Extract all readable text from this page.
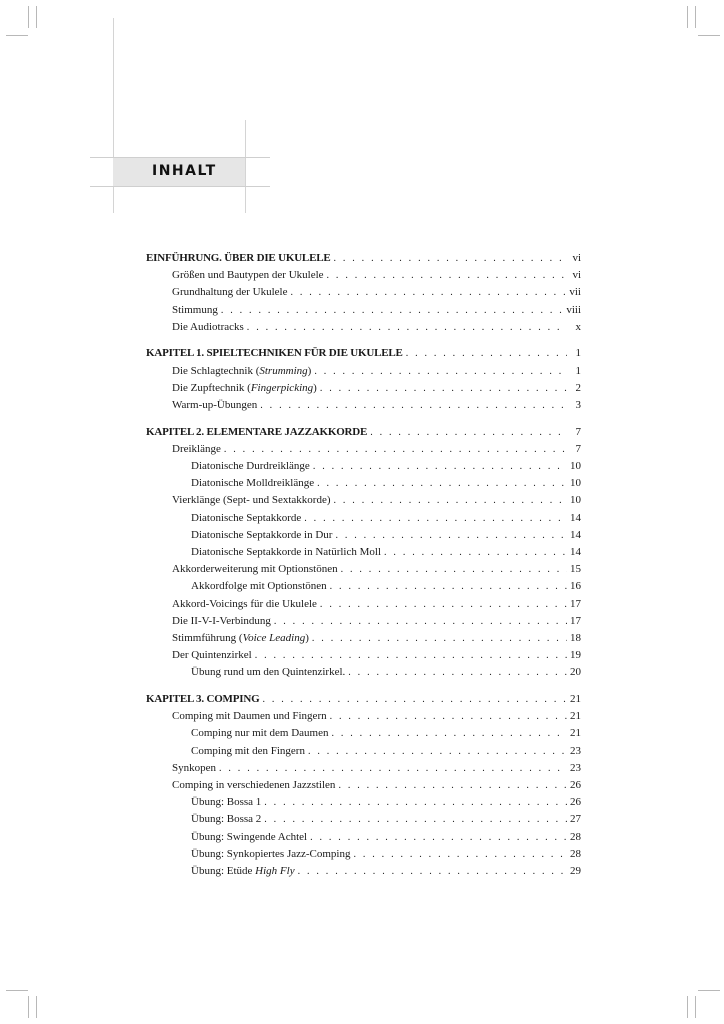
INHALT
EINFÜHRUNG. ÜBER DIE UKULELE . . .	vi
Größen und Bautypen der Ukulele . . .	vi
Grundhaltung der Ukulele . . .	vii
Stimmung . . .	viii
Die Audiotracks . . .	x
KAPITEL 1. SPIELTECHNIKEN FÜR DIE UKULELE . . .	1
Die Schlagtechnik (Strumming) . . .	1
Die Zupftechnik (Fingerpicking) . . .	2
Warm-up-Übungen . . .	3
KAPITEL 2. ELEMENTARE JAZZAKKORDE . . .	7
Dreiklänge . . .	7
Diatonische Durdreiklänge . . .	10
Diatonische Molldreiklänge . . .	10
Vierklänge (Sept- und Sextakkorde) . . .	10
Diatonische Septakkorde . . .	14
Diatonische Septakkorde in Dur . . .	14
Diatonische Septakkorde in Natürlich Moll . . .	14
Akkorderweiterung mit Optionstönen . . .	15
Akkordfolge mit Optionstönen . . .	16
Akkord-Voicings für die Ukulele . . .	17
Die II-V-I-Verbindung . . .	17
Stimmführung (Voice Leading) . . .	18
Der Quintenzirkel . . .	19
Übung rund um den Quintenzirkel. . . .	20
KAPITEL 3. COMPING . . .	21
Comping mit Daumen und Fingern . . .	21
Comping nur mit dem Daumen . . .	21
Comping mit den Fingern . . .	23
Synkopen . . .	23
Comping in verschiedenen Jazzstilen . . .	26
Übung: Bossa 1 . . .	26
Übung: Bossa 2 . . .	27
Übung: Swingende Achtel . . .	28
Übung: Synkopiertes Jazz-Comping . . .	28
Übung: Etüde High Fly . . .	29
